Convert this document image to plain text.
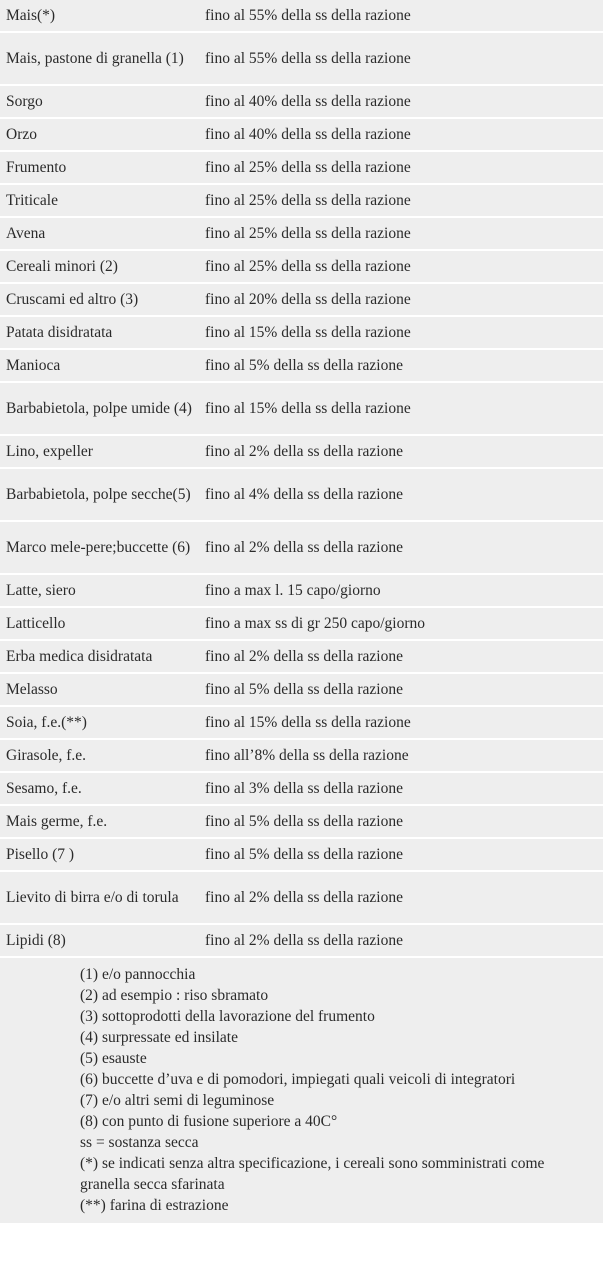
Mais(*)	fino al 55% della ss della razione
Mais, pastone di granella (1)	fino al 55% della ss della razione
Sorgo	fino al 40% della ss della razione
Orzo	fino al 40% della ss della razione
Frumento	fino al 25% della ss della razione
Triticale	fino al 25% della ss della razione
Avena	fino al 25% della ss della razione
Cereali minori (2)	fino al 25% della ss della razione
Cruscami ed altro (3)	fino al 20% della ss della razione
Patata disidratata	fino al 15% della ss della razione
Manioca	fino al 5% della ss della razione
Barbabietola, polpe umide (4)	fino al 15% della ss della razione
Lino, expeller	fino al 2% della ss della razione
Barbabietola, polpe secche(5)	fino al 4% della ss della razione
Marco mele-pere;buccette (6)	fino al 2% della ss della razione
Latte, siero	fino a max l. 15 capo/giorno
Latticello	fino a max ss di gr 250 capo/giorno
Erba medica disidratata	fino al 2% della ss della razione
Melasso	fino al 5% della ss della razione
Soia, f.e.(**)	fino al 15% della ss della razione
Girasole, f.e.	fino all’8% della ss della razione
Sesamo, f.e.	fino al 3% della ss della razione
Mais germe, f.e.	fino al 5% della ss della razione
Pisello (7 )	fino al 5% della ss della razione
Lievito di birra e/o di torula	fino al 2% della ss della razione
Lipidi (8)	fino al 2% della ss della razione
(1) e/o pannocchia
(2) ad esempio : riso sbramato
(3) sottoprodotti della lavorazione del frumento
(4) surpressate ed insilate
(5) esauste
(6) buccette d’uva e di pomodori, impiegati quali veicoli di integratori
(7) e/o altri semi di leguminose
(8) con punto di fusione superiore a 40C°
ss = sostanza secca
(*) se indicati senza altra specificazione, i cereali sono somministrati come granella secca sfarinata
(**) farina di estrazione
